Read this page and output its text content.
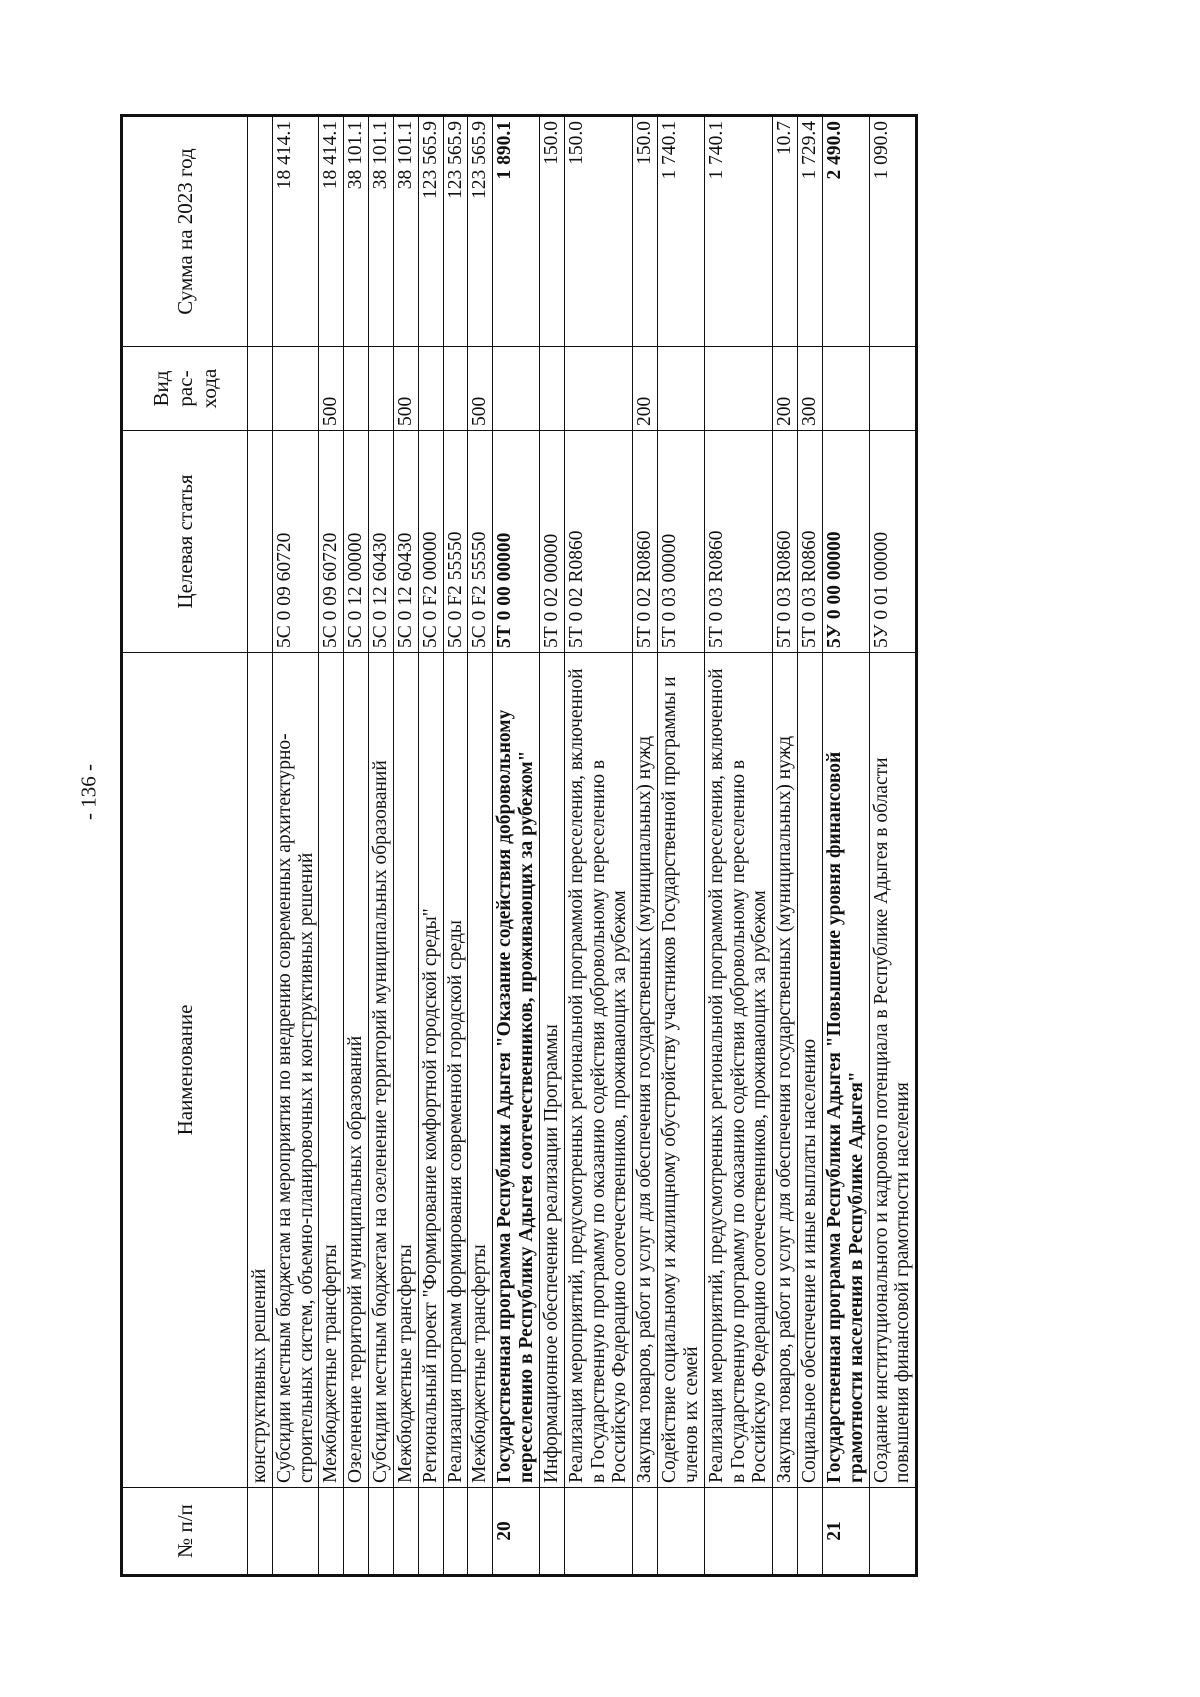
- 136 -
№ п/п	Наименование	Целевая статья	Вид рас-хода	Сумма на 2023 год
	конструктивных решений			
	Субсидии местным бюджетам на мероприятия по внедрению современных архитектурно-строительных систем, объемно-планировочных и конструктивных решений	5С 0 09 60720		18 414.1
	Межбюджетные трансферты	5С 0 09 60720	500	18 414.1
	Озеленение территорий муниципальных образований	5С 0 12 00000		38 101.1
	Субсидии местным бюджетам на озеленение территорий муниципальных образований	5С 0 12 60430		38 101.1
	Межбюджетные трансферты	5С 0 12 60430	500	38 101.1
	Региональный проект "Формирование комфортной городской среды"	5С 0 F2 00000		123 565.9
	Реализация программ формирования современной городской среды	5С 0 F2 55550		123 565.9
	Межбюджетные трансферты	5С 0 F2 55550	500	123 565.9
20	Государственная программа Республики Адыгея "Оказание содействия добровольному переселению в Республику Адыгея соотечественников, проживающих за рубежом"	5Т 0 00 00000		1 890.1
	Информационное обеспечение реализации Программы	5Т 0 02 00000		150.0
	Реализация мероприятий, предусмотренных региональной программой переселения, включенной в Государственную программу по оказанию содействия добровольному переселению в Российскую Федерацию соотечественников, проживающих за рубежом	5Т 0 02 R0860		150.0
	Закупка товаров, работ и услуг для обеспечения государственных (муниципальных) нужд	5Т 0 02 R0860	200	150.0
	Содействие социальному и жилищному обустройству участников Государственной программы и членов их семей	5Т 0 03 00000		1 740.1
	Реализация мероприятий, предусмотренных региональной программой переселения, включенной в Государственную программу по оказанию содействия добровольному переселению в Российскую Федерацию соотечественников, проживающих за рубежом	5Т 0 03 R0860		1 740.1
	Закупка товаров, работ и услуг для обеспечения государственных (муниципальных) нужд	5Т 0 03 R0860	200	10.7
	Социальное обеспечение и иные выплаты населению	5Т 0 03 R0860	300	1 729.4
21	Государственная программа Республики Адыгея "Повышение уровня финансовой грамотности населения в Республике Адыгея"	5У 0 00 00000		2 490.0
	Создание институционального и кадрового потенциала в Республике Адыгея в области повышения финансовой грамотности населения	5У 0 01 00000		1 090.0
